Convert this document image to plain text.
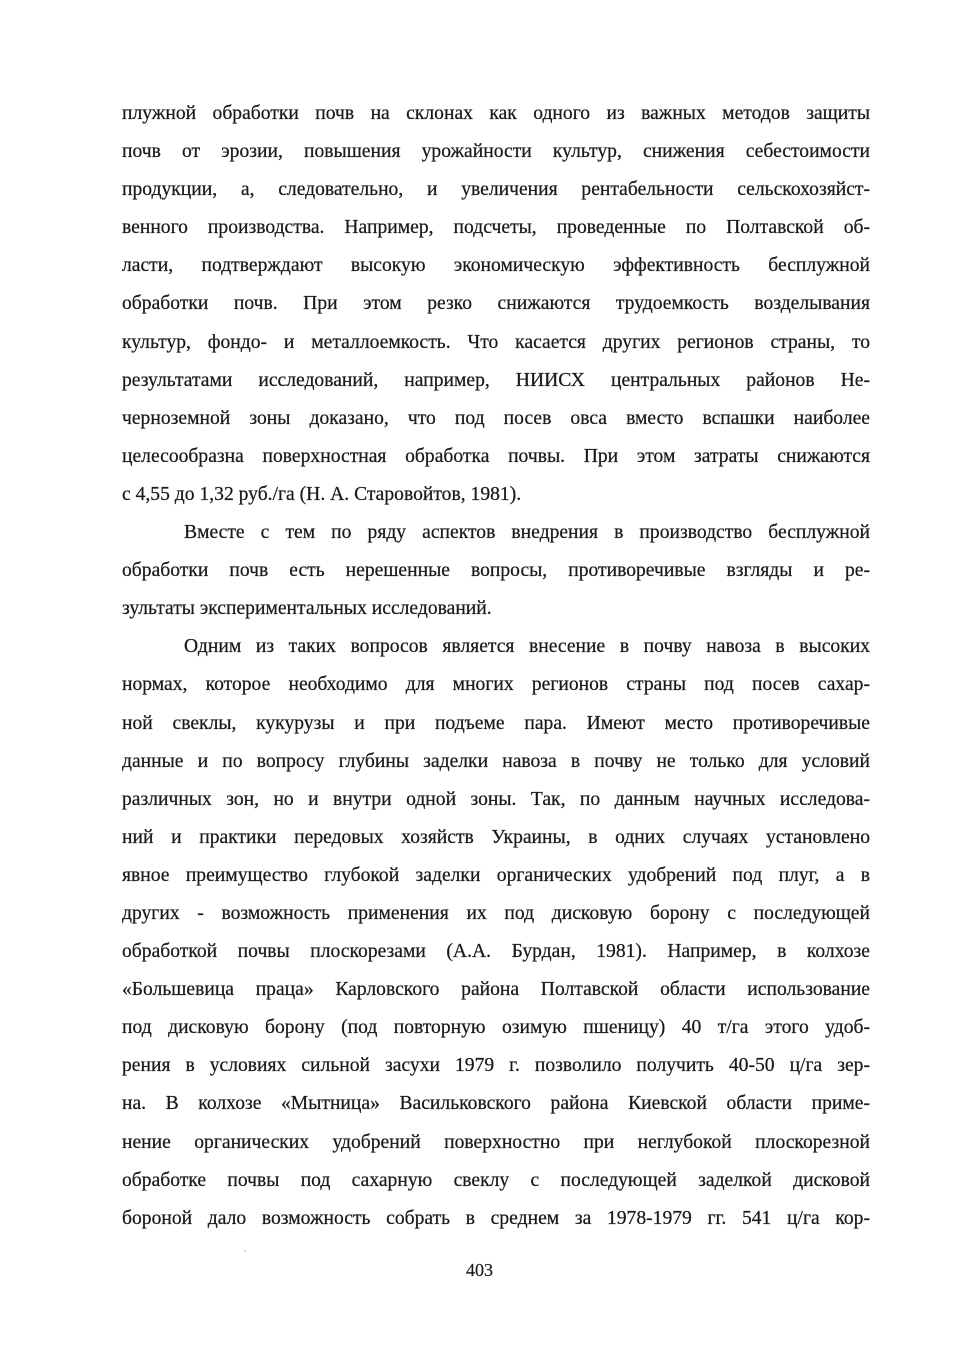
плужной обработки почв на склонах как одного из важных методов защиты
почв от эрозии, повышения урожайности культур, снижения себестоимости
продукции, а, следовательно, и увеличения рентабельности сельскохозяйст-
венного производства. Например, подсчеты, проведенные по Полтавской об-
ласти, подтверждают высокую экономическую эффективность бесплужной
обработки почв. При этом резко снижаются трудоемкость возделывания
культур, фондо- и металлоемкость. Что касается других регионов страны, то
результатами исследований, например, НИИСХ центральных районов Не-
черноземной зоны доказано, что под посев овса вместо вспашки наиболее
целесообразна поверхностная обработка почвы. При этом затраты снижаются
с 4,55 до 1,32 руб./га (Н. А. Старовойтов, 1981).
Вместе с тем по ряду аспектов внедрения в производство бесплужной
обработки почв есть нерешенные вопросы, противоречивые взгляды и ре-
зультаты экспериментальных исследований.
Одним из таких вопросов является внесение в почву навоза в высоких
нормах, которое необходимо для многих регионов страны под посев сахар-
ной свеклы, кукурузы и при подъеме пара. Имеют место противоречивые
данные и по вопросу глубины заделки навоза в почву не только для условий
различных зон, но и внутри одной зоны. Так, по данным научных исследова-
ний и практики передовых хозяйств Украины, в одних случаях установлено
явное преимущество глубокой заделки органических удобрений под плуг, а в
других - возможность применения их под дисковую борону с последующей
обработкой почвы плоскорезами (А.А. Бурдан, 1981). Например, в колхозе
«Большевица праца» Карловского района Полтавской области использование
под дисковую борону (под повторную озимую пшеницу) 40 т/га этого удоб-
рения в условиях сильной засухи 1979 г. позволило получить 40-50 ц/га зер-
на. В колхозе «Мытница» Васильковского района Киевской области приме-
нение органических удобрений поверхностно при неглубокой плоскорезной
обработке почвы под сахарную свеклу с последующей заделкой дисковой
бороной дало возможность собрать в среднем за 1978-1979 гг. 541 ц/га кор-
403
